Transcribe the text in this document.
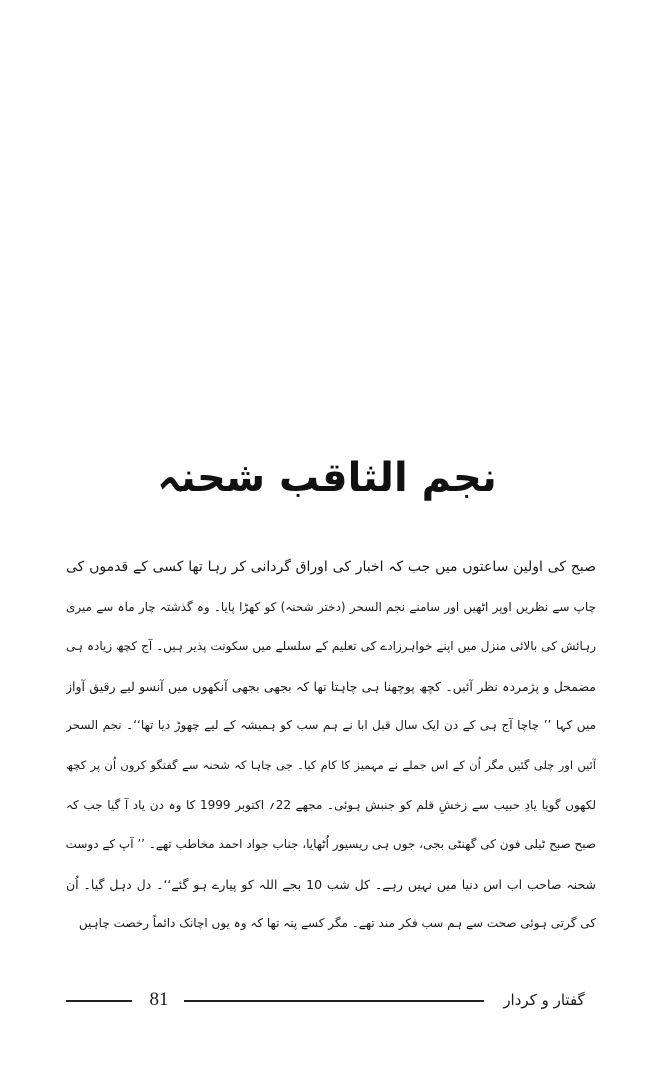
نجم الثاقب شحنہ
صبح کی اولین ساعتوں میں جب کہ اخبار کی اوراق گردانی کر رہا تھا کسی کے قدموں کی
چاپ سے نظریں اوپر اٹھیں اور سامنے نجم السحر (دختر شحنہ) کو کھڑا پایا۔ وہ گذشتہ چار ماہ سے میری
رہائش کی بالائی منزل میں اپنے خواہرزادے کی تعلیم کے سلسلے میں سکونت پذیر ہیں۔ آج کچھ زیادہ ہی
مضمحل و پژمردہ نظر آئیں۔ کچھ پوچھنا ہی چاہتا تھا کہ بجھی بجھی آنکھوں میں آنسو لیے رقیق آواز
میں کہا ’’ چاچا آج ہی کے دن ایک سال قبل ابا نے ہم سب کو ہمیشہ کے لیے چھوڑ دیا تھا‘‘۔ نجم السحر
آئیں اور چلی گئیں مگر اُن کے اس جملے نے مہمیز کا کام کیا۔ جی چاہا کہ شحنہ سے گفتگو کروں اُن پر کچھ
لکھوں گویا یادِ حبیب سے زخشِ قلم کو جنبش ہوئی۔ مجھے 22؍ اکتوبر 1999 کا وہ دن یاد آ گیا جب کہ
صبح صبح ٹیلی فون کی گھنٹی بجی، جوں ہی ریسیور اُٹھایا، جناب جواد احمد مخاطب تھے۔ ’’ آپ کے دوست
شحنہ صاحب اب اس دنیا میں نہیں رہے۔ کل شب 10 بجے اللہ کو پیارے ہو گئے‘‘۔ دل دہل گیا۔ اُن
کی گرتی ہوئی صحت سے ہم سب فکر مند تھے۔ مگر کسے پتہ تھا کہ وہ یوں اچانک دائماً رخصت چاہیں
81	گفتار و کردار
